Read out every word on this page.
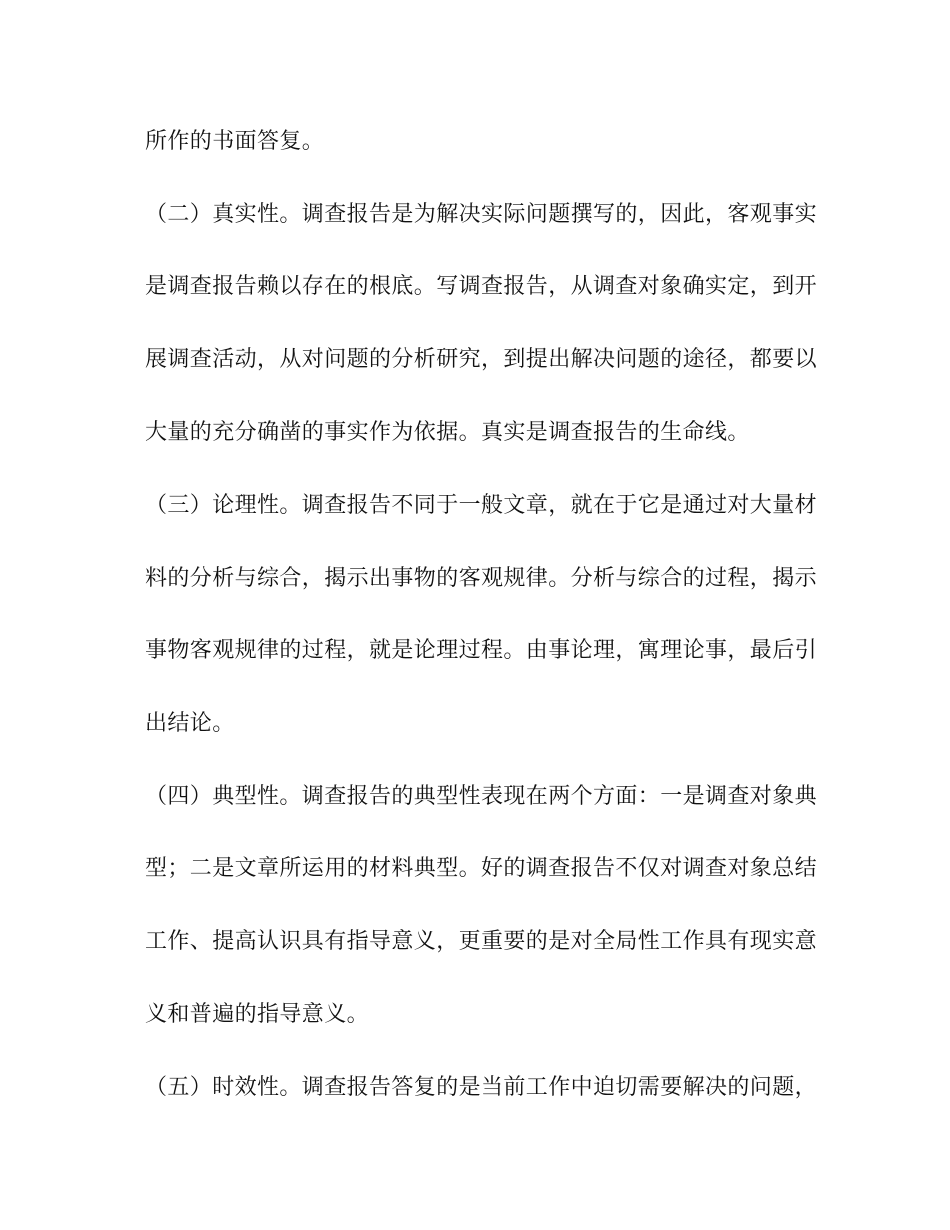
所作的书面答复。
（二）真实性。调查报告是为解决实际问题撰写的，因此，客观事实
是调查报告赖以存在的根底。写调查报告，从调查对象确实定，到开
展调查活动，从对问题的分析研究，到提出解决问题的途径，都要以
大量的充分确凿的事实作为依据。真实是调查报告的生命线。
（三）论理性。调查报告不同于一般文章，就在于它是通过对大量材
料的分析与综合，揭示出事物的客观规律。分析与综合的过程，揭示
事物客观规律的过程，就是论理过程。由事论理，寓理论事，最后引
出结论。
（四）典型性。调查报告的典型性表现在两个方面：一是调查对象典
型；二是文章所运用的材料典型。好的调查报告不仅对调查对象总结
工作、提高认识具有指导意义，更重要的是对全局性工作具有现实意
义和普遍的指导意义。
（五）时效性。调查报告答复的是当前工作中迫切需要解决的问题，
